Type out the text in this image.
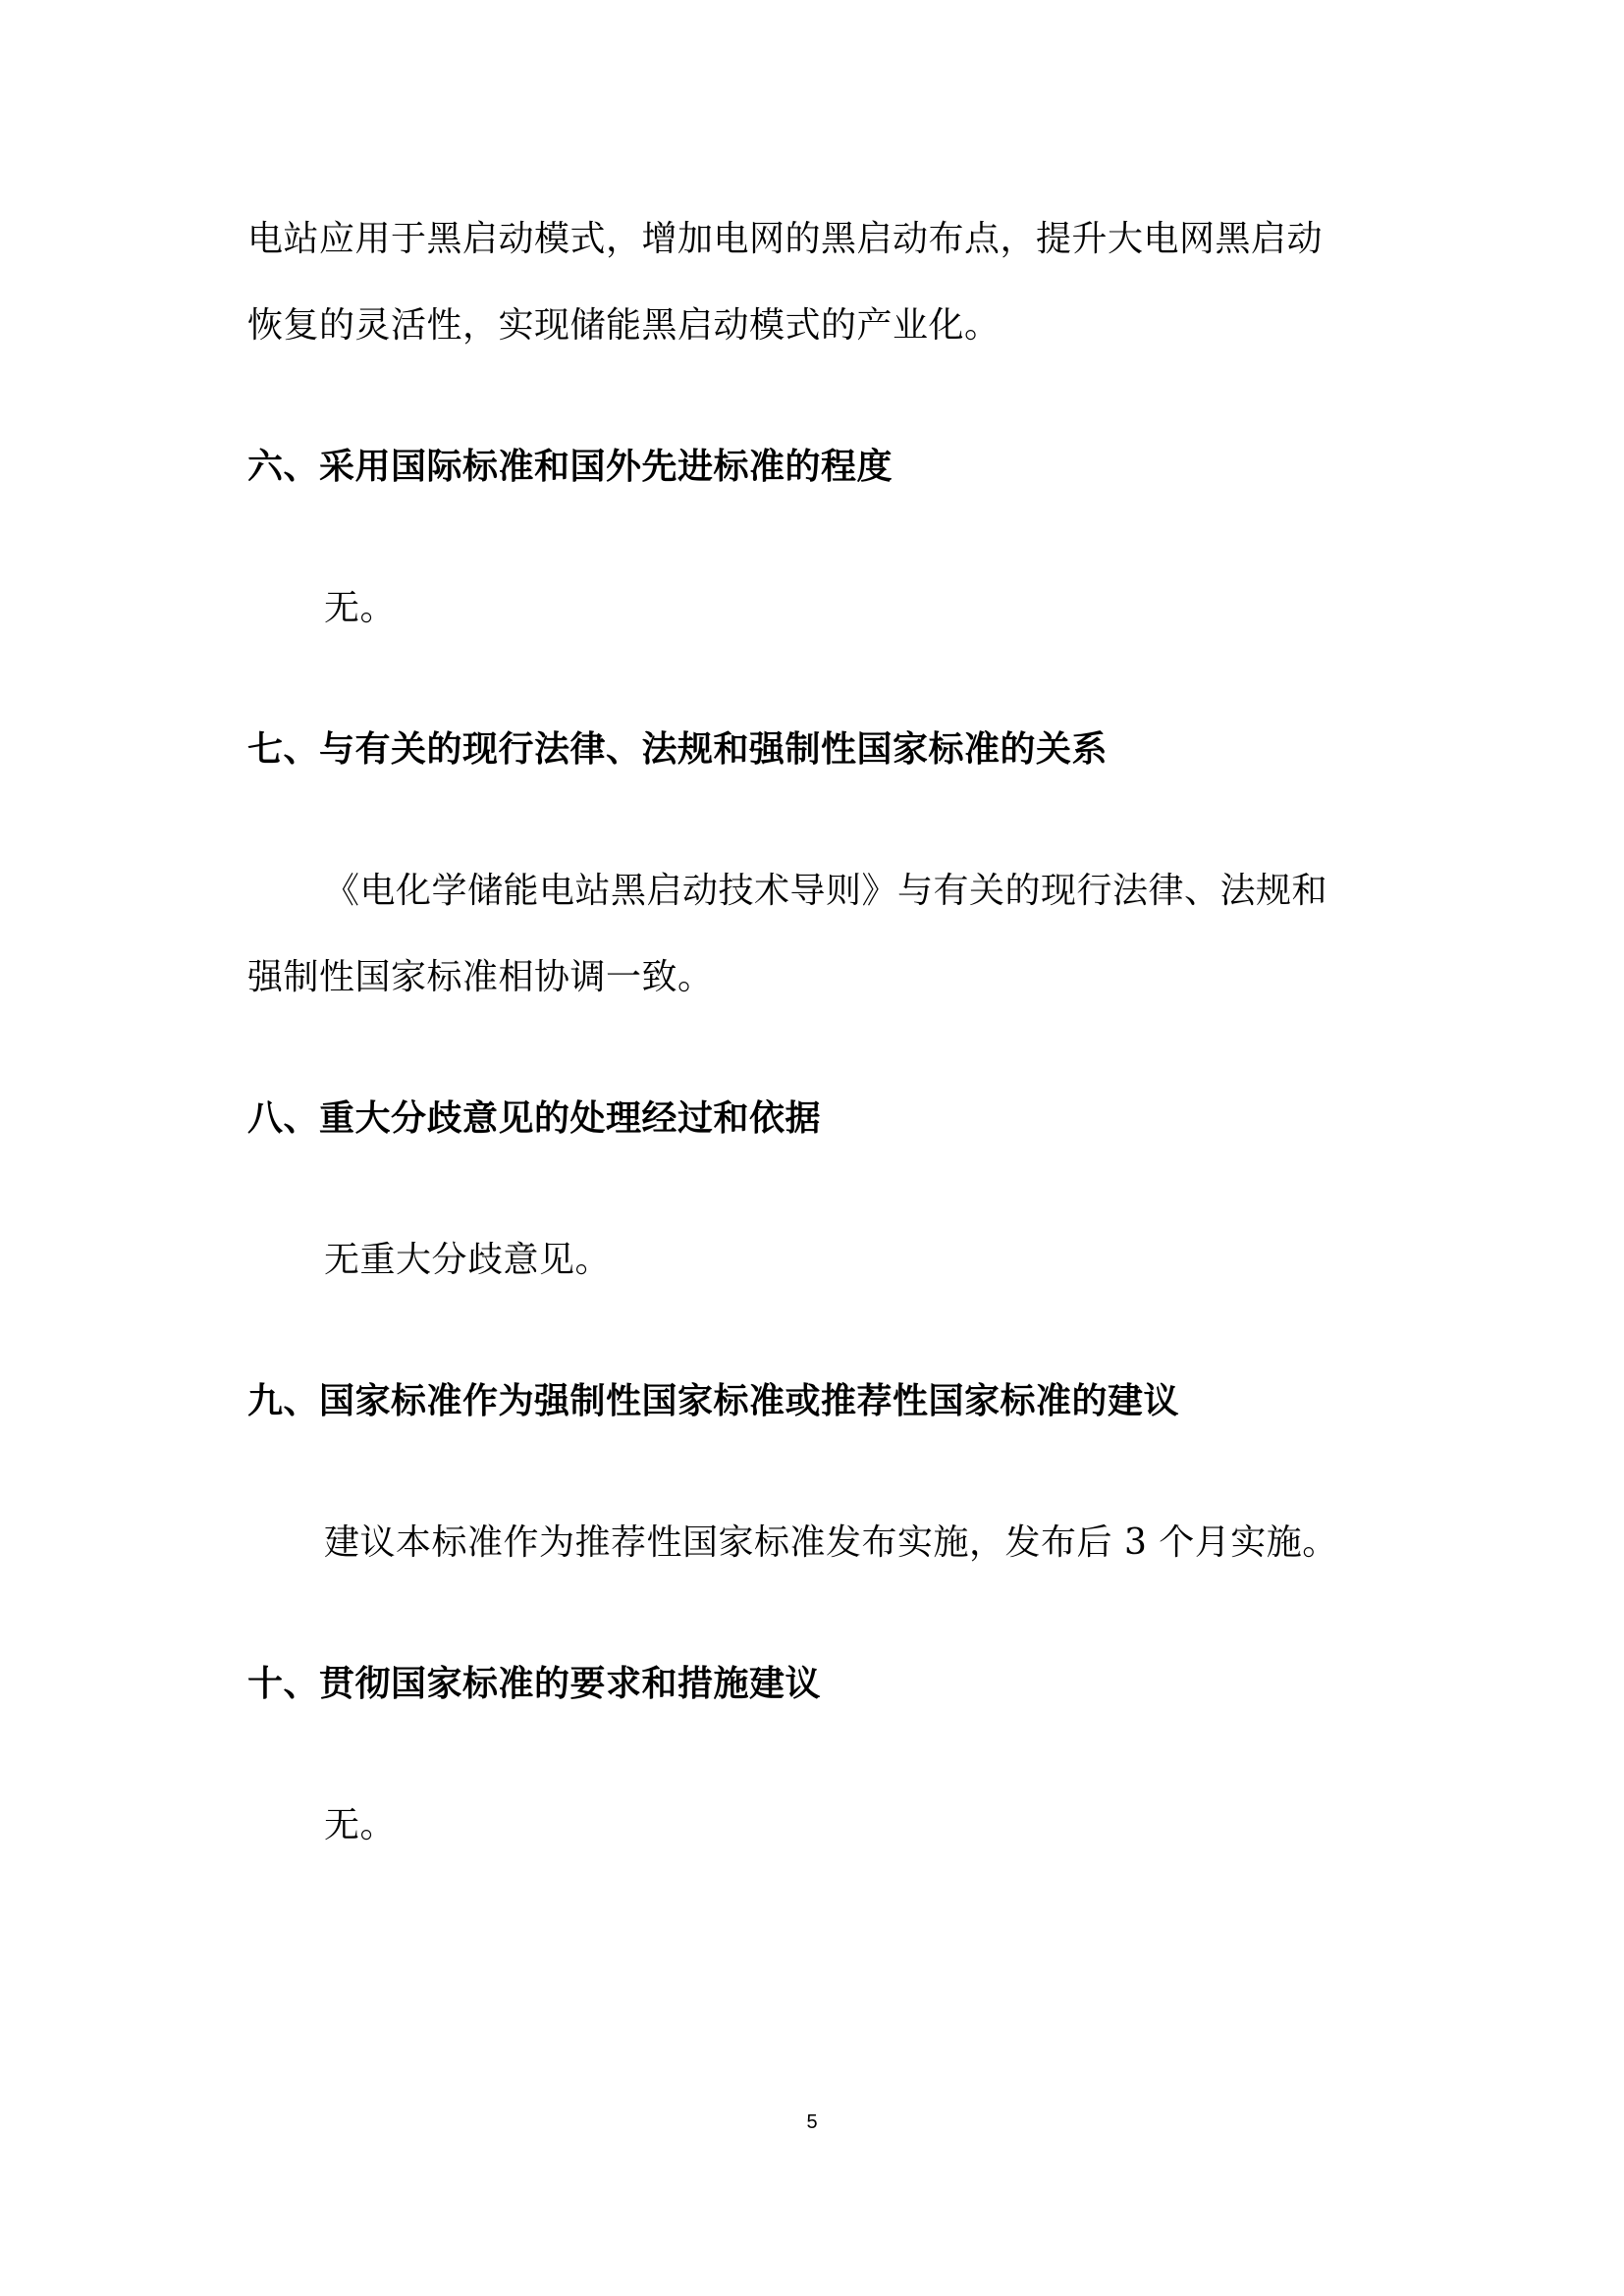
电站应用于黑启动模式，增加电网的黑启动布点，提升大电网黑启动

恢复的灵活性，实现储能黑启动模式的产业化。

六、采用国际标准和国外先进标准的程度

无。

七、与有关的现行法律、法规和强制性国家标准的关系

《电化学储能电站黑启动技术导则》与有关的现行法律、法规和

强制性国家标准相协调一致。

八、重大分歧意见的处理经过和依据

无重大分歧意见。

九、国家标准作为强制性国家标准或推荐性国家标准的建议

建议本标准作为推荐性国家标准发布实施，发布后 3 个月实施。

十、贯彻国家标准的要求和措施建议

无。

5
